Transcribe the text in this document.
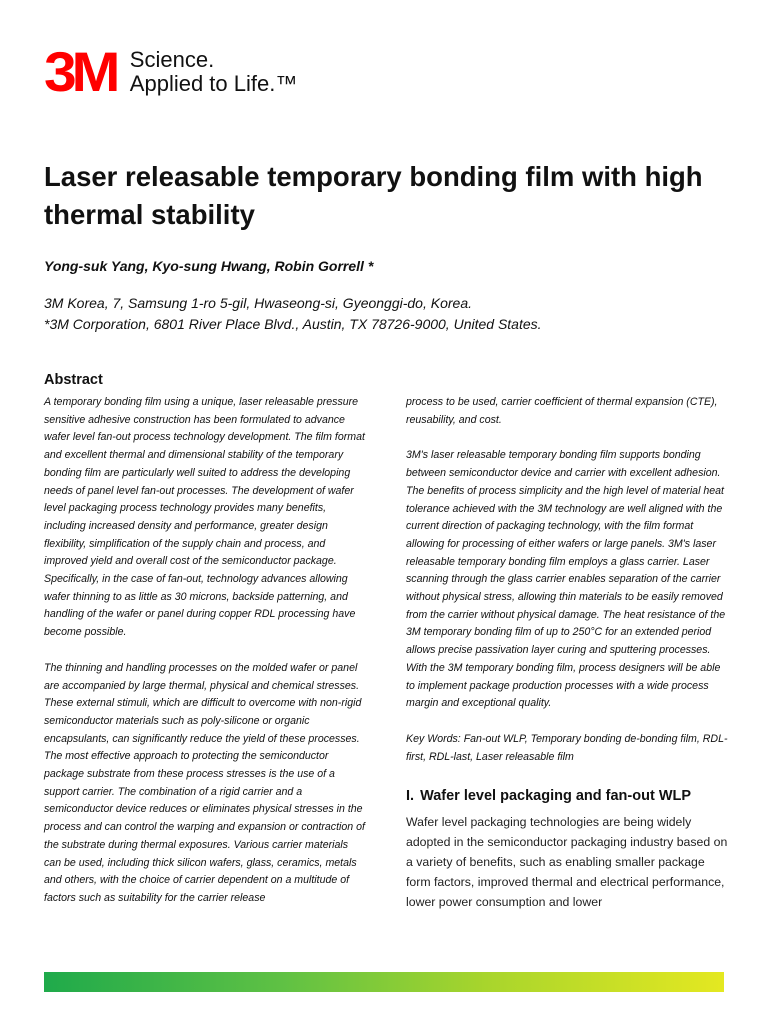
3M Science.
Applied to Life.™
Laser releasable temporary bonding film with high thermal stability
Yong-suk Yang, Kyo-sung Hwang, Robin Gorrell *
3M Korea, 7, Samsung 1-ro 5-gil, Hwaseong-si, Gyeonggi-do, Korea.
*3M Corporation, 6801 River Place Blvd., Austin, TX 78726-9000, United States.
Abstract

A temporary bonding film using a unique, laser releasable pressure sensitive adhesive construction has been formulated to advance wafer level fan-out process technology development. The film format and excellent thermal and dimensional stability of the temporary bonding film are particularly well suited to address the developing needs of panel level fan-out processes. The development of wafer level packaging process technology provides many benefits, including increased density and performance, greater design flexibility, simplification of the supply chain and process, and improved yield and overall cost of the semiconductor package. Specifically, in the case of fan-out, technology advances allowing wafer thinning to as little as 30 microns, backside patterning, and handling of the wafer or panel during copper RDL processing have become possible.

The thinning and handling processes on the molded wafer or panel are accompanied by large thermal, physical and chemical stresses. These external stimuli, which are difficult to overcome with non-rigid semiconductor materials such as poly-silicone or organic encapsulants, can significantly reduce the yield of these processes. The most effective approach to protecting the semiconductor package substrate from these process stresses is the use of a support carrier. The combination of a rigid carrier and a semiconductor device reduces or eliminates physical stresses in the process and can control the warping and expansion or contraction of the substrate during thermal exposures. Various carrier materials can be used, including thick silicon wafers, glass, ceramics, metals and others, with the choice of carrier dependent on a multitude of factors such as suitability for the carrier release

process to be used, carrier coefficient of thermal expansion (CTE), reusability, and cost.

3M's laser releasable temporary bonding film supports bonding between semiconductor device and carrier with excellent adhesion. The benefits of process simplicity and the high level of material heat tolerance achieved with the 3M technology are well aligned with the current direction of packaging technology, with the film format allowing for processing of either wafers or large panels. 3M's laser releasable temporary bonding film employs a glass carrier. Laser scanning through the glass carrier enables separation of the carrier without physical stress, allowing thin materials to be easily removed from the carrier without physical damage. The heat resistance of the 3M temporary bonding film of up to 250°C for an extended period allows precise passivation layer curing and sputtering processes. With the 3M temporary bonding film, process designers will be able to implement package production processes with a wide process margin and exceptional quality.

Key Words: Fan-out WLP, Temporary bonding de-bonding film, RDL-first, RDL-last, Laser releasable film

I. Wafer level packaging and fan-out WLP

Wafer level packaging technologies are being widely adopted in the semiconductor packaging industry based on a variety of benefits, such as enabling smaller package form factors, improved thermal and electrical performance, lower power consumption and lower
